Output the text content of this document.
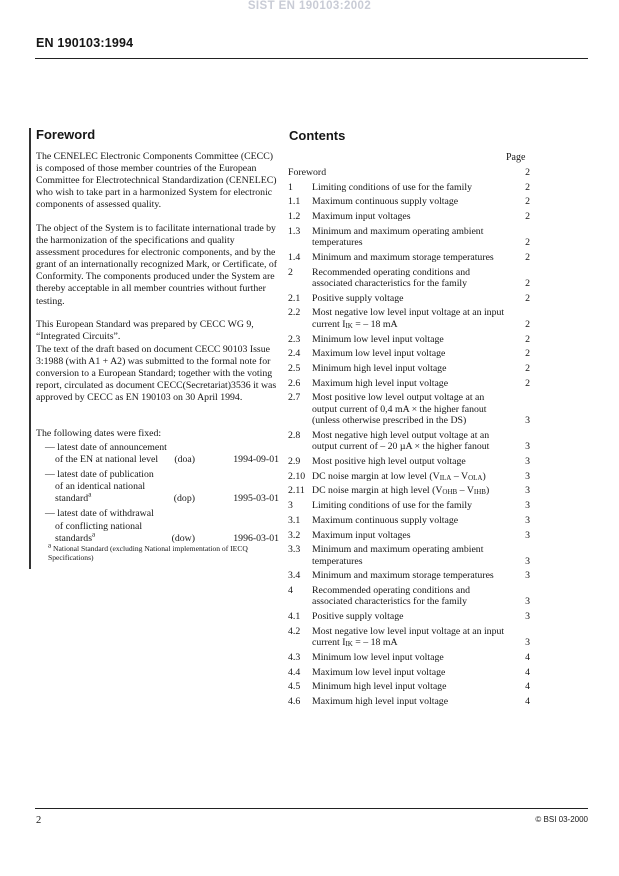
SIST EN 190103:2002
EN 190103:1994
Foreword
The CENELEC Electronic Components Committee (CECC) is composed of those member countries of the European Committee for Electrotechnical Standardization (CENELEC) who wish to take part in a harmonized System for electronic components of assessed quality.
The object of the System is to facilitate international trade by the harmonization of the specifications and quality assessment procedures for electronic components, and by the grant of an internationally recognized Mark, or Certificate, of Conformity. The components produced under the System are thereby acceptable in all member countries without further testing.
This European Standard was prepared by CECC WG 9, “Integrated Circuits”.
The text of the draft based on document CECC 90103 Issue 3:1988 (with A1 + A2) was submitted to the formal note for conversion to a European Standard; together with the voting report, circulated as document CECC(Secretariat)3536 it was approved by CECC as EN 190103 on 30 April 1994.
The following dates were fixed:
— latest date of announcement
of the EN at national level	(doa)	1994-09-01
— latest date of publication
of an identical national
standard$^a$	(dop)	1995-03-01
— latest date of withdrawal
of conflicting national
standards$^a$	(dow)	1996-03-01
$^a$ National Standard (excluding National implementation of IECQ Specifications)
Contents
Page
Foreword	2
1 Limiting conditions of use for the family	2
1.1 Maximum continuous supply voltage	2
1.2 Maximum input voltages	2
1.3 Minimum and maximum operating ambient temperatures	2
1.4 Minimum and maximum storage temperatures	2
2 Recommended operating conditions and associated characteristics for the family	2
2.1 Positive supply voltage	2
2.2 Most negative low level input voltage at an input current $I_{IK}$ = – 18 mA	2
2.3 Minimum low level input voltage	2
2.4 Maximum low level input voltage	2
2.5 Minimum high level input voltage	2
2.6 Maximum high level input voltage	2
2.7 Most positive low level output voltage at an output current of 0,4 mA × the higher fanout (unless otherwise prescribed in the DS)	3
2.8 Most negative high level output voltage at an output current of – 20 µA × the higher fanout	3
2.9 Most positive high level output voltage	3
2.10 DC noise margin at low level $(V_{ILA} - V_{OLA})$	3
2.11 DC noise margin at high level $(V_{OHB} - V_{IHB})$	3
3 Limiting conditions of use for the family	3
3.1 Maximum continuous supply voltage	3
3.2 Maximum input voltages	3
3.3 Minimum and maximum operating ambient temperatures	3
3.4 Minimum and maximum storage temperatures	3
4 Recommended operating conditions and associated characteristics for the family	3
4.1 Positive supply voltage	3
4.2 Most negative low level input voltage at an input current $I_{IK}$ = – 18 mA	3
4.3 Minimum low level input voltage	4
4.4 Maximum low level input voltage	4
4.5 Minimum high level input voltage	4
4.6 Maximum high level input voltage	4
2	© BSI 03-2000
